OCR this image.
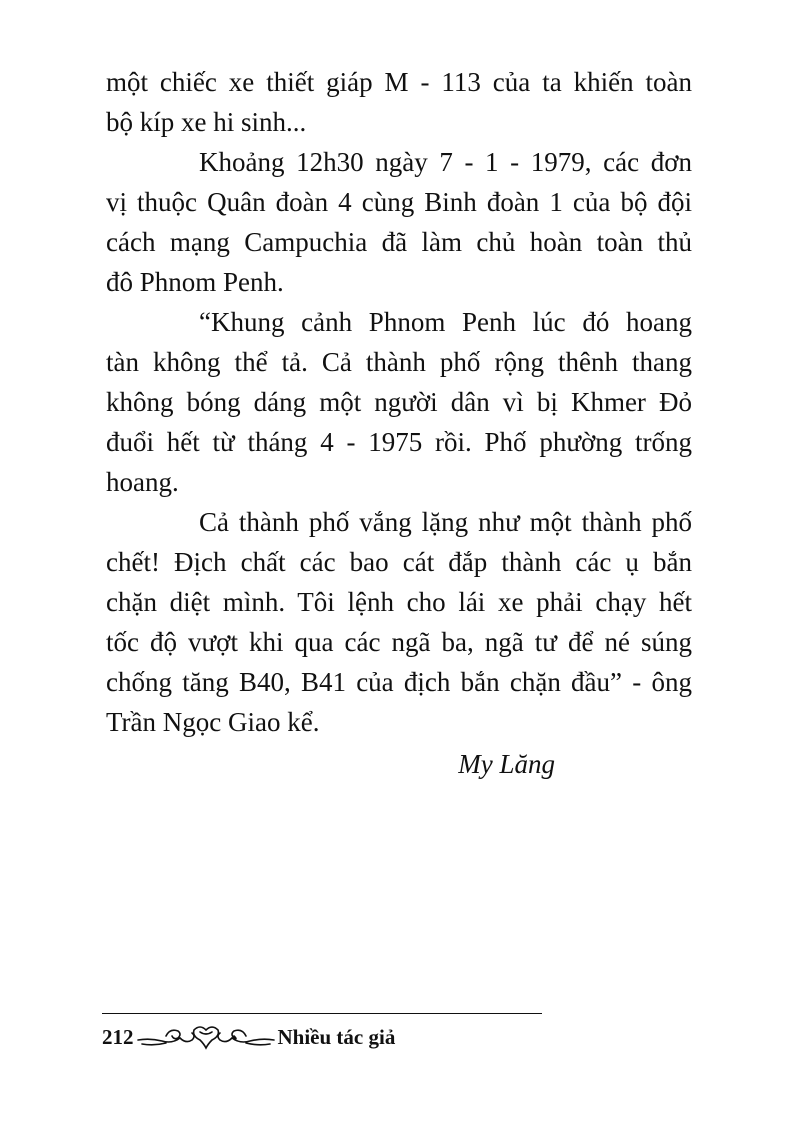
một chiếc xe thiết giáp M - 113 của ta khiến toàn
bộ kíp xe hi sinh...
Khoảng 12h30 ngày 7 - 1 - 1979, các đơn
vị thuộc Quân đoàn 4 cùng Binh đoàn 1 của bộ đội
cách mạng Campuchia đã làm chủ hoàn toàn thủ
đô Phnom Penh.
“Khung cảnh Phnom Penh lúc đó hoang
tàn không thể tả. Cả thành phố rộng thênh thang
không bóng dáng một người dân vì bị Khmer Đỏ
đuổi hết từ tháng 4 - 1975 rồi. Phố phường trống
hoang.
Cả thành phố vắng lặng như một thành phố
chết! Địch chất các bao cát đắp thành các ụ bắn
chặn diệt mình. Tôi lệnh cho lái xe phải chạy hết
tốc độ vượt khi qua các ngã ba, ngã tư để né súng
chống tăng B40, B41 của địch bắn chặn đầu” - ông
Trần Ngọc Giao kể.
My Lăng
212	Nhiều tác giả
